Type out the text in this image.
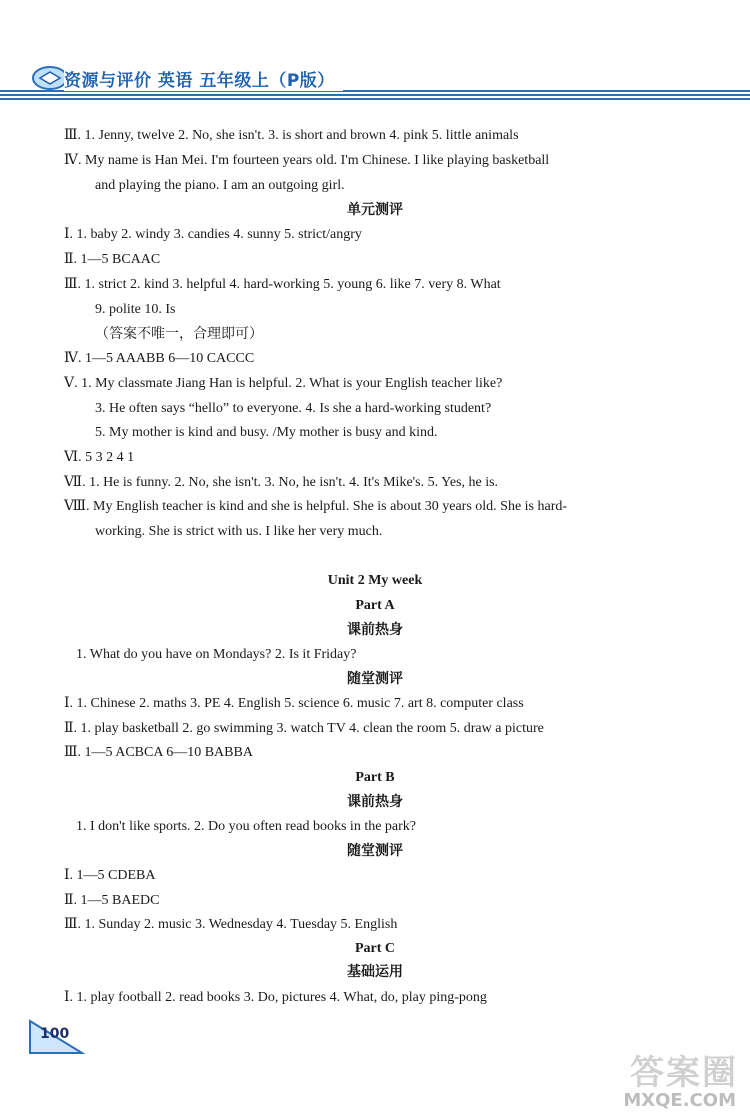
资源与评价 英语 五年级上（P版）
Ⅲ. 1. Jenny, twelve 2. No, she isn't. 3. is short and brown 4. pink 5. little animals
Ⅳ. My name is Han Mei. I'm fourteen years old. I'm Chinese. I like playing basketball
and playing the piano. I am an outgoing girl.
单元测评
Ⅰ. 1. baby 2. windy 3. candies 4. sunny 5. strict/angry
Ⅱ. 1—5 BCAAC
Ⅲ. 1. strict 2. kind 3. helpful 4. hard-working 5. young 6. like 7. very 8. What
9. polite 10. Is
（答案不唯一，合理即可）
Ⅳ. 1—5 AAABB 6—10 CACCC
Ⅴ. 1. My classmate Jiang Han is helpful. 2. What is your English teacher like?
3. He often says “hello” to everyone. 4. Is she a hard-working student?
5. My mother is kind and busy. /My mother is busy and kind.
Ⅵ. 5 3 2 4 1
Ⅶ. 1. He is funny. 2. No, she isn't. 3. No, he isn't. 4. It's Mike's. 5. Yes, he is.
Ⅷ. My English teacher is kind and she is helpful. She is about 30 years old. She is hard-
working. She is strict with us. I like her very much.
Unit 2 My week
Part A
课前热身
1. What do you have on Mondays? 2. Is it Friday?
随堂测评
Ⅰ. 1. Chinese 2. maths 3. PE 4. English 5. science 6. music 7. art 8. computer class
Ⅱ. 1. play basketball 2. go swimming 3. watch TV 4. clean the room 5. draw a picture
Ⅲ. 1—5 ACBCA 6—10 BABBA
Part B
课前热身
1. I don't like sports. 2. Do you often read books in the park?
随堂测评
Ⅰ. 1—5 CDEBA
Ⅱ. 1—5 BAEDC
Ⅲ. 1. Sunday 2. music 3. Wednesday 4. Tuesday 5. English
Part C
基础运用
Ⅰ. 1. play football 2. read books 3. Do, pictures 4. What, do, play ping-pong
100
答案圈
MXQE.COM
